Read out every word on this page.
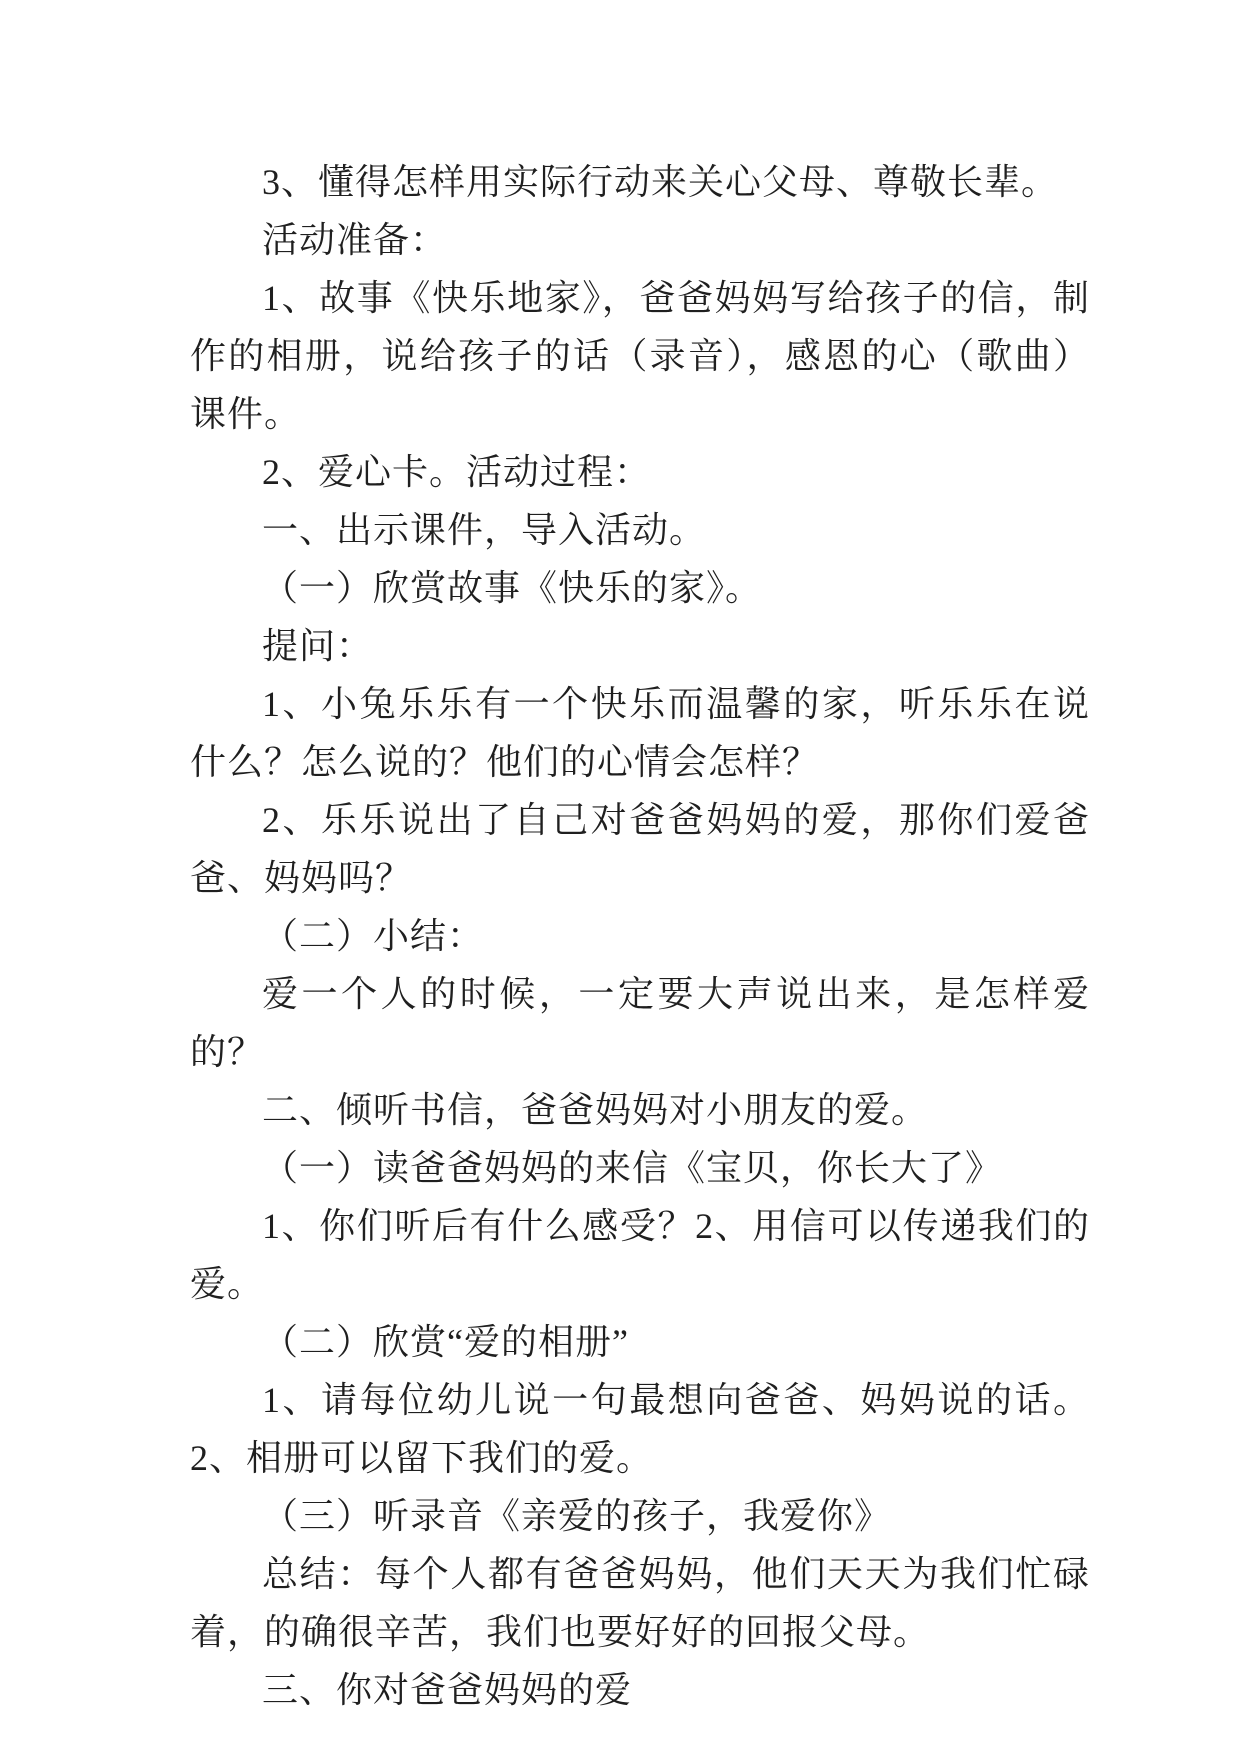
3、懂得怎样用实际行动来关心父母、尊敬长辈。

活动准备：

1、故事《快乐地家》，爸爸妈妈写给孩子的信，制作的相册，说给孩子的话（录音），感恩的心（歌曲）课件。

2、爱心卡。活动过程：

一、出示课件，导入活动。

（一）欣赏故事《快乐的家》。

提问：

1、小兔乐乐有一个快乐而温馨的家，听乐乐在说什么？怎么说的？他们的心情会怎样？

2、乐乐说出了自己对爸爸妈妈的爱，那你们爱爸爸、妈妈吗？

（二）小结：

爱一个人的时候，一定要大声说出来，是怎样爱的？

二、倾听书信，爸爸妈妈对小朋友的爱。

（一）读爸爸妈妈的来信《宝贝，你长大了》

1、你们听后有什么感受？2、用信可以传递我们的爱。

（二）欣赏“爱的相册”

1、请每位幼儿说一句最想向爸爸、妈妈说的话。 2、相册可以留下我们的爱。

（三）听录音《亲爱的孩子，我爱你》

总结：每个人都有爸爸妈妈，他们天天为我们忙碌着，的确很辛苦，我们也要好好的回报父母。

三、你对爸爸妈妈的爱
